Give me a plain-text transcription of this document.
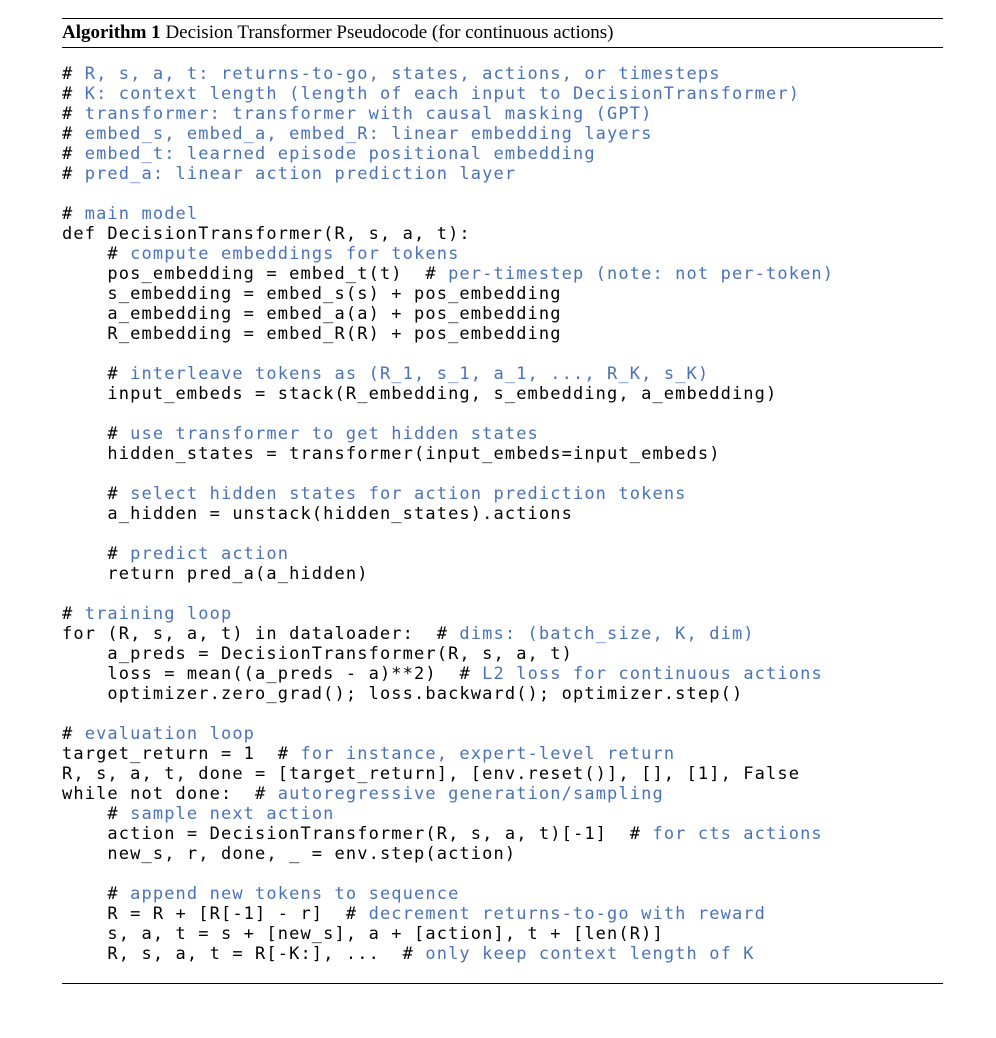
Algorithm 1 Decision Transformer Pseudocode (for continuous actions)
# R, s, a, t: returns-to-go, states, actions, or timesteps
# K: context length (length of each input to DecisionTransformer)
# transformer: transformer with causal masking (GPT)
# embed_s, embed_a, embed_R: linear embedding layers
# embed_t: learned episode positional embedding
# pred_a: linear action prediction layer
# main model
def DecisionTransformer(R, s, a, t):
# compute embeddings for tokens
pos_embedding = embed_t(t)  # per-timestep (note: not per-token)
s_embedding = embed_s(s) + pos_embedding
a_embedding = embed_a(a) + pos_embedding
R_embedding = embed_R(R) + pos_embedding
# interleave tokens as (R_1, s_1, a_1, ..., R_K, s_K)
input_embeds = stack(R_embedding, s_embedding, a_embedding)
# use transformer to get hidden states
hidden_states = transformer(input_embeds=input_embeds)
# select hidden states for action prediction tokens
a_hidden = unstack(hidden_states).actions
# predict action
return pred_a(a_hidden)
# training loop
for (R, s, a, t) in dataloader:  # dims: (batch_size, K, dim)
a_preds = DecisionTransformer(R, s, a, t)
loss = mean((a_preds - a)**2)  # L2 loss for continuous actions
optimizer.zero_grad(); loss.backward(); optimizer.step()
# evaluation loop
target_return = 1  # for instance, expert-level return
R, s, a, t, done = [target_return], [env.reset()], [], [1], False
while not done:  # autoregressive generation/sampling
# sample next action
action = DecisionTransformer(R, s, a, t)[-1]  # for cts actions
new_s, r, done, _ = env.step(action)
# append new tokens to sequence
R = R + [R[-1] - r]  # decrement returns-to-go with reward
s, a, t = s + [new_s], a + [action], t + [len(R)]
R, s, a, t = R[-K:], ...  # only keep context length of K
